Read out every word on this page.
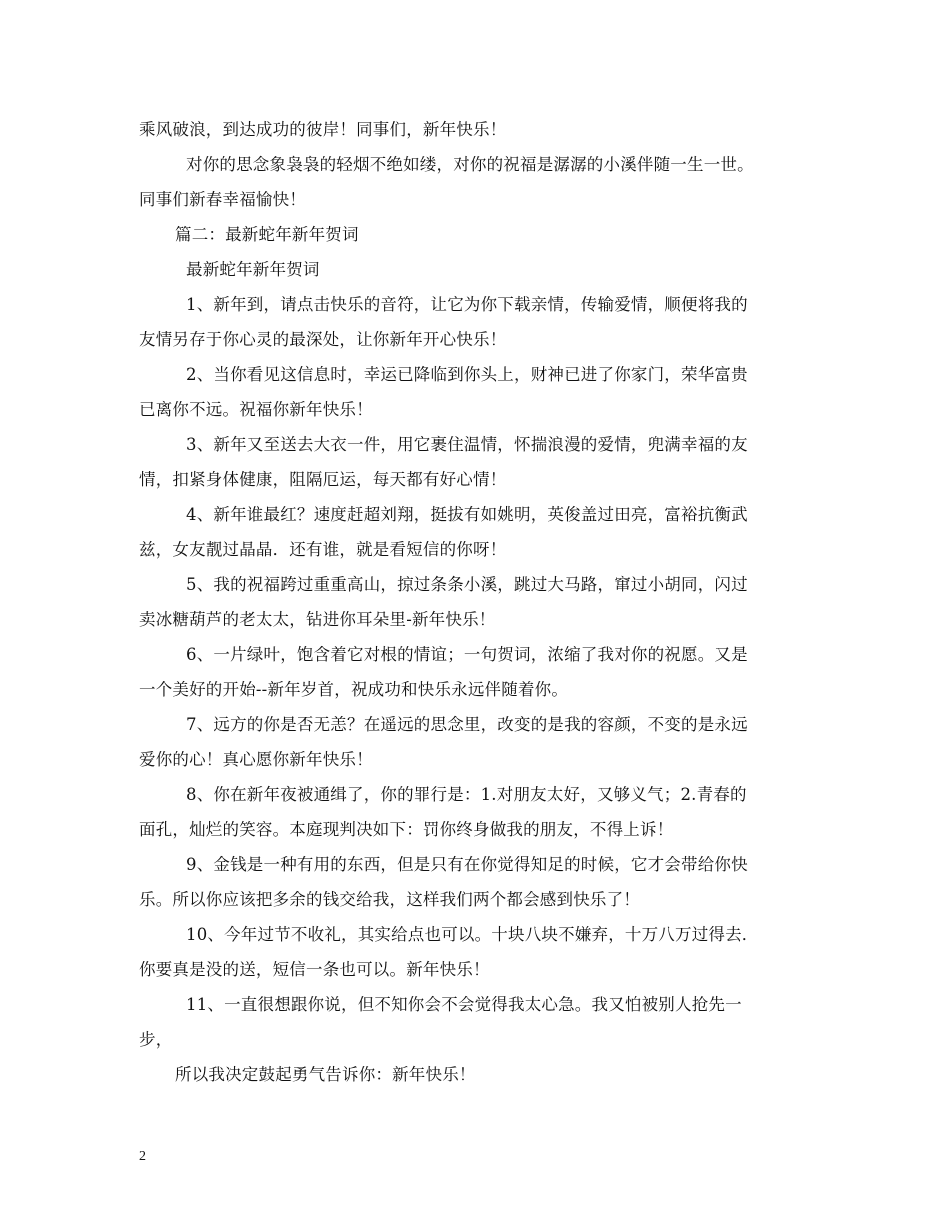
乘风破浪，到达成功的彼岸！同事们，新年快乐！
对你的思念象袅袅的轻烟不绝如缕，对你的祝福是潺潺的小溪伴随一生一世。
同事们新春幸福愉快！
篇二：最新蛇年新年贺词
最新蛇年新年贺词
1、新年到，请点击快乐的音符，让它为你下载亲情，传输爱情，顺便将我的
友情另存于你心灵的最深处，让你新年开心快乐！
2、当你看见这信息时，幸运已降临到你头上，财神已进了你家门，荣华富贵
已离你不远。祝福你新年快乐！
3、新年又至送去大衣一件，用它裹住温情，怀揣浪漫的爱情，兜满幸福的友
情，扣紧身体健康，阻隔厄运，每天都有好心情！
4、新年谁最红？速度赶超刘翔，挺拔有如姚明，英俊盖过田亮，富裕抗衡武
兹，女友靓过晶晶．还有谁，就是看短信的你呀！
5、我的祝福跨过重重高山，掠过条条小溪，跳过大马路，窜过小胡同，闪过
卖冰糖葫芦的老太太，钻进你耳朵里-新年快乐！
6、一片绿叶，饱含着它对根的情谊；一句贺词，浓缩了我对你的祝愿。又是
一个美好的开始--新年岁首，祝成功和快乐永远伴随着你。
7、远方的你是否无恙？在遥远的思念里，改变的是我的容颜，不变的是永远
爱你的心！真心愿你新年快乐！
8、你在新年夜被通缉了，你的罪行是：1.对朋友太好，又够义气；2.青春的
面孔，灿烂的笑容。本庭现判决如下：罚你终身做我的朋友，不得上诉！
9、金钱是一种有用的东西，但是只有在你觉得知足的时候，它才会带给你快
乐。所以你应该把多余的钱交给我，这样我们两个都会感到快乐了！
10、今年过节不收礼，其实给点也可以。十块八块不嫌弃，十万八万过得去．
你要真是没的送，短信一条也可以。新年快乐！
11、一直很想跟你说，但不知你会不会觉得我太心急。我又怕被别人抢先一
步，
所以我决定鼓起勇气告诉你：新年快乐！
2
